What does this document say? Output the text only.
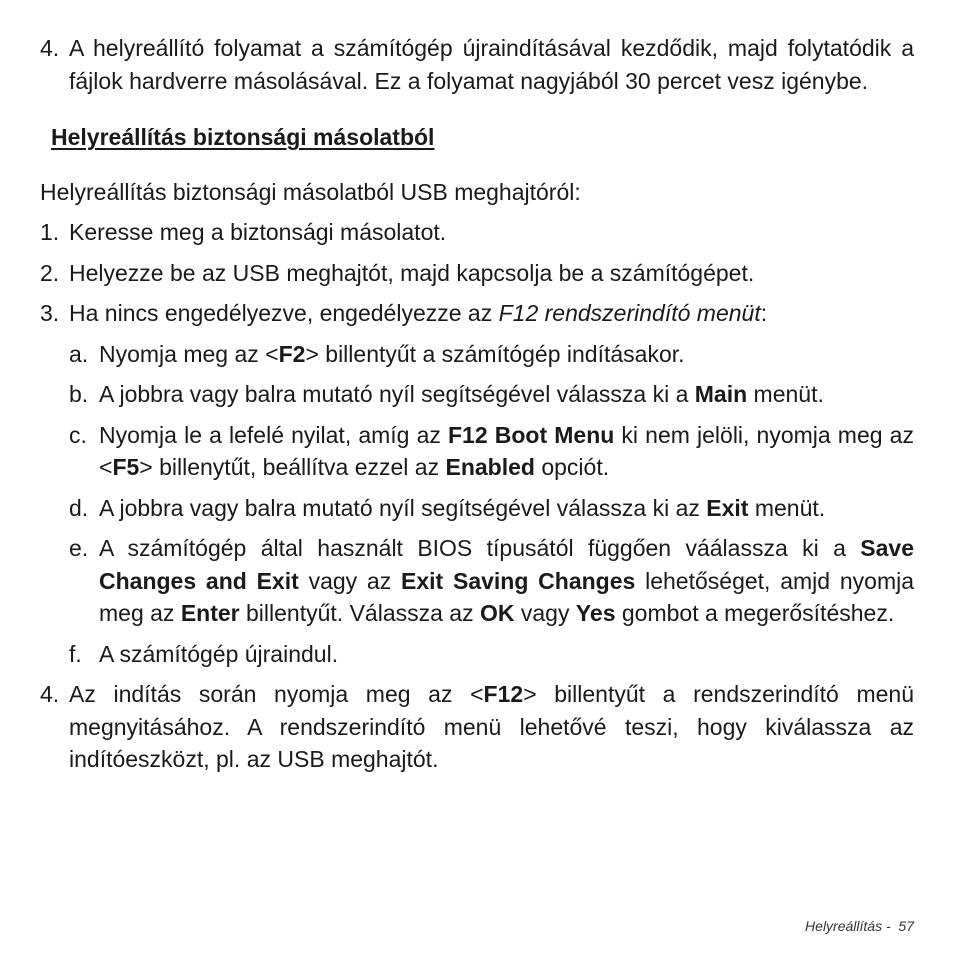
4. A helyreállító folyamat a számítógép újraindításával kezdődik, majd folytatódik a fájlok hardverre másolásával. Ez a folyamat nagyjából 30 percet vesz igénybe.
Helyreállítás biztonsági másolatból

Helyreállítás biztonsági másolatból USB meghajtóról:

1. Keresse meg a biztonsági másolatot.
2. Helyezze be az USB meghajtót, majd kapcsolja be a számítógépet.
3. Ha nincs engedélyezve, engedélyezze az F12 rendszerindító menüt:
a. Nyomja meg az <F2> billentyűt a számítógép indításakor.
b. A jobbra vagy balra mutató nyíl segítségével válassza ki a Main menüt.
c. Nyomja le a lefelé nyilat, amíg az F12 Boot Menu ki nem jelöli, nyomja meg az <F5> billenytűt, beállítva ezzel az Enabled opciót.
d. A jobbra vagy balra mutató nyíl segítségével válassza ki az Exit menüt.
e. A számítógép által használt BIOS típusától függően váálassza ki a Save Changes and Exit vagy az Exit Saving Changes lehetőséget, amjd nyomja meg az Enter billentyűt. Válassza az OK vagy Yes gombot a megerősítéshez.
f. A számítógép újraindul.
4. Az indítás során nyomja meg az <F12> billentyűt a rendszerindító menü megnyitásához. A rendszerindító menü lehetővé teszi, hogy kiválassza az indítóeszközt, pl. az USB meghajtót.
Helyreállítás - 57
